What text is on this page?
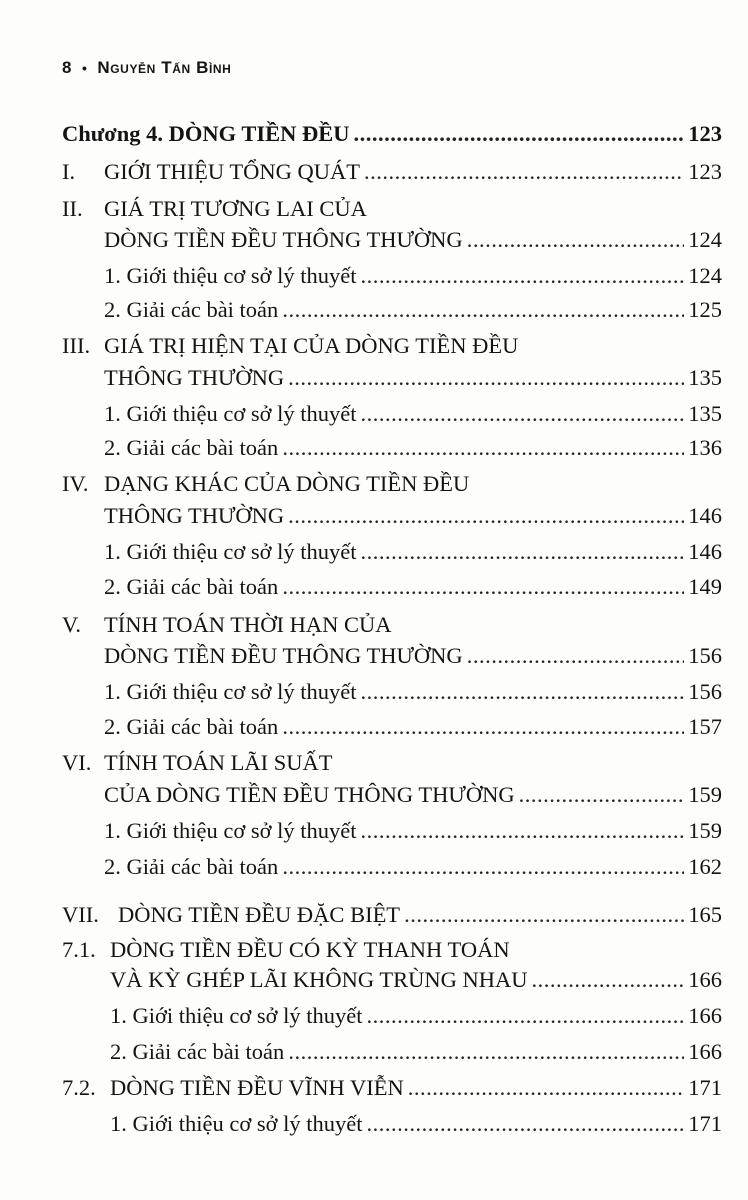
8 • Nguyễn Tấn Bình
Chương 4. DÒNG TIỀN ĐỀU .....	123
I. GIỚI THIỆU TỔNG QUÁT .....	123
II. GIÁ TRỊ TƯƠNG LAI CỦA
DÒNG TIỀN ĐỀU THÔNG THƯỜNG .....	124
1. Giới thiệu cơ sở lý thuyết .....	124
2. Giải các bài toán .....	125
III. GIÁ TRỊ HIỆN TẠI CỦA DÒNG TIỀN ĐỀU
THÔNG THƯỜNG .....	135
1. Giới thiệu cơ sở lý thuyết .....	135
2. Giải các bài toán .....	136
IV. DẠNG KHÁC CỦA DÒNG TIỀN ĐỀU
THÔNG THƯỜNG .....	146
1. Giới thiệu cơ sở lý thuyết .....	146
2. Giải các bài toán .....	149
V. TÍNH TOÁN THỜI HẠN CỦA
DÒNG TIỀN ĐỀU THÔNG THƯỜNG .....	156
1. Giới thiệu cơ sở lý thuyết .....	156
2. Giải các bài toán .....	157
VI. TÍNH TOÁN LÃI SUẤT
CỦA DÒNG TIỀN ĐỀU THÔNG THƯỜNG .....	159
1. Giới thiệu cơ sở lý thuyết .....	159
2. Giải các bài toán .....	162
VII. DÒNG TIỀN ĐỀU ĐẶC BIỆT .....	165
7.1. DÒNG TIỀN ĐỀU CÓ KỲ THANH TOÁN
VÀ KỲ GHÉP LÃI KHÔNG TRÙNG NHAU .....	166
1. Giới thiệu cơ sở lý thuyết .....	166
2. Giải các bài toán .....	166
7.2. DÒNG TIỀN ĐỀU VĨNH VIỄN .....	171
1. Giới thiệu cơ sở lý thuyết .....	171
